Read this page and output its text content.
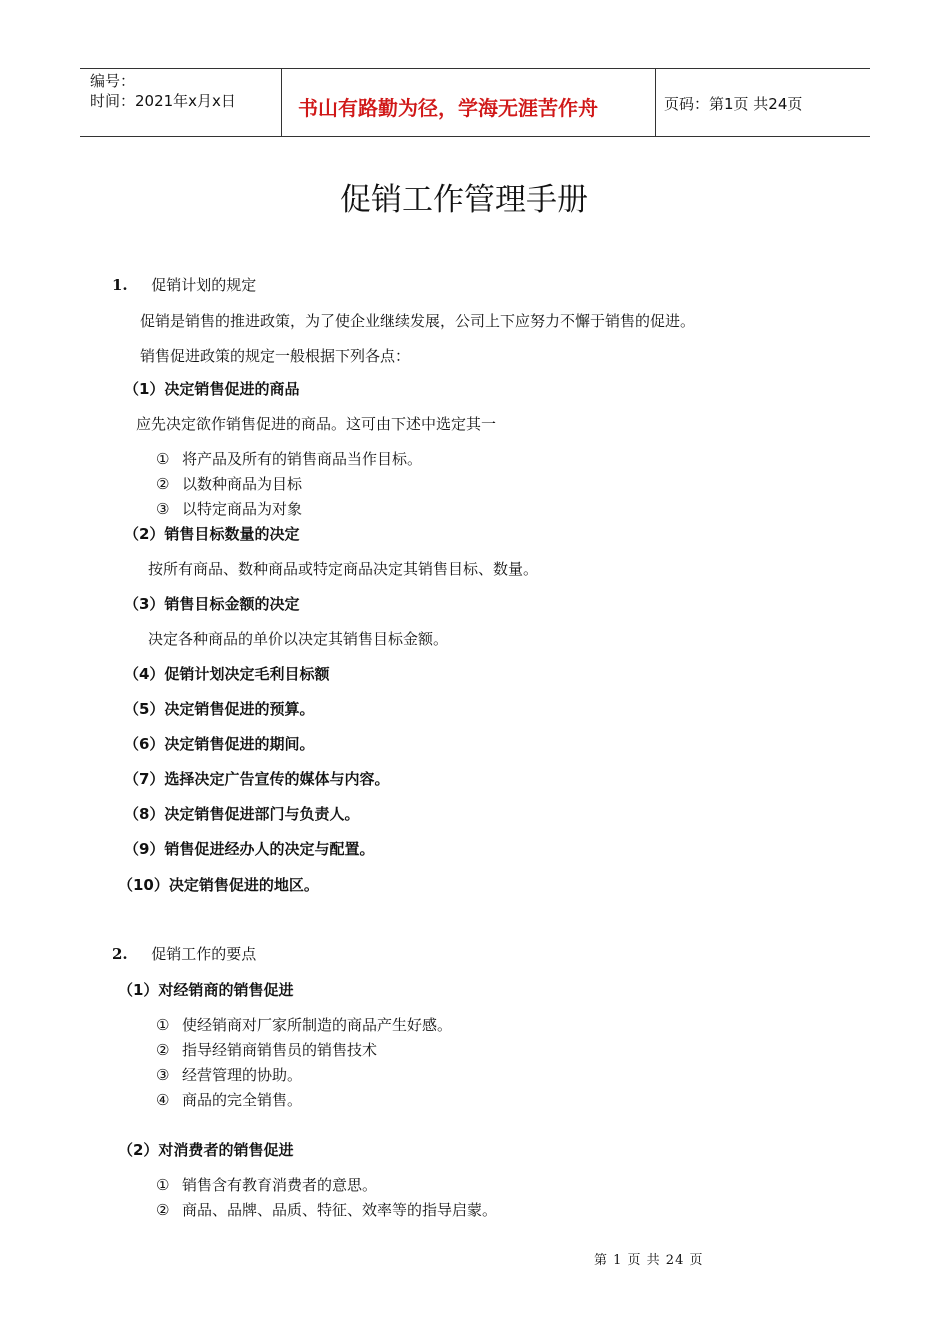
编号：
时间：2021年x月x日	书山有路勤为径，学海无涯苦作舟	页码：第1页 共24页
促销工作管理手册
1. 促销计划的规定
促销是销售的推进政策，为了使企业继续发展，公司上下应努力不懈于销售的促进。
销售促进政策的规定一般根据下列各点：
（1）决定销售促进的商品
应先决定欲作销售促进的商品。这可由下述中选定其一
① 将产品及所有的销售商品当作目标。
② 以数种商品为目标
③ 以特定商品为对象
（2）销售目标数量的决定
按所有商品、数种商品或特定商品决定其销售目标、数量。
（3）销售目标金额的决定
决定各种商品的单价以决定其销售目标金额。
（4）促销计划决定毛利目标额
（5）决定销售促进的预算。
（6）决定销售促进的期间。
（7）选择决定广告宣传的媒体与内容。
（8）决定销售促进部门与负责人。
（9）销售促进经办人的决定与配置。
（10）决定销售促进的地区。
2. 促销工作的要点
（1）对经销商的销售促进
① 使经销商对厂家所制造的商品产生好感。
② 指导经销商销售员的销售技术
③ 经营管理的协助。
④ 商品的完全销售。
（2）对消费者的销售促进
① 销售含有教育消费者的意思。
② 商品、品牌、品质、特征、效率等的指导启蒙。
第 1 页 共 24 页
